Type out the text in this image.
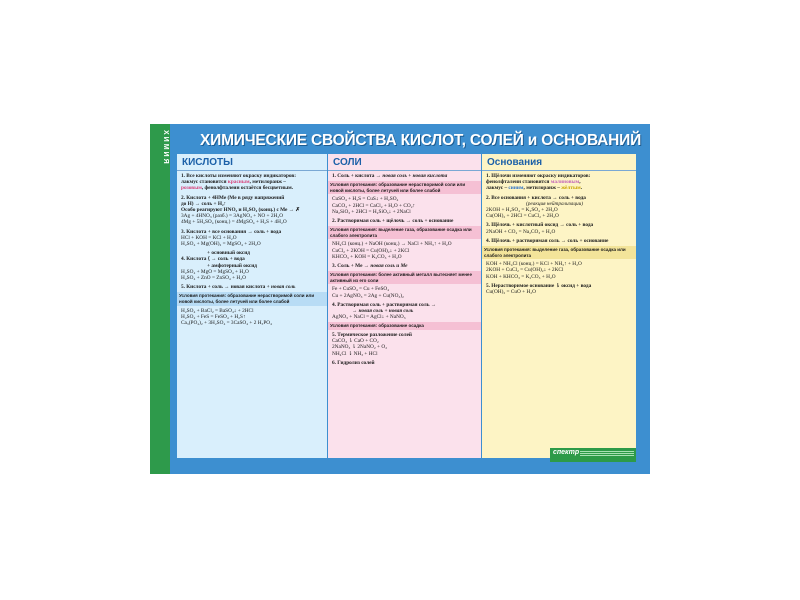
ХИМИЯ ХИМИЧЕСКИЕ СВОЙСТВА КИСЛОТ, СОЛЕЙ и ОСНОВАНИЙ
КИСЛОТЫ
1. Все кислоты изменяют окраску индикаторов:
лакмус становится красным, метилоранж –
розовым, фенолфталеин остаётся бесцветным.
2. Кислота + 4HMe (Ме в ряду напряжений
до H) → соль + H₂↑
Особо реагируют HNO₃ и H₂SO₄ (конц.) с Ме → ✗
3Ag + 4HNO₃ (разб.) = 3AgNO₃ + NO + 2H₂O
4Mg + 5H₂SO₄ (конц.) = 4MgSO₄ + H₂S + 4H₂O
3. Кислота + все основания → соль + вода
HCl + KOH = KCl + H₂O
H₂SO₄ + Mg(OH)₂ = MgSO₄ + 2H₂O
+ основный оксид
4. Кислота ⟨ → соль + вода
+ амфотерный оксид
H₂SO₄ + MgO = MgSO₄ + H₂O
H₂SO₄ + ZnO = ZnSO₄ + H₂O
5. Кислота + соль → новая кислота + новая соль
Условия протекания: образование нерастворимой соли или новой кислоты, более летучей или более слабой
H₂SO₄ + BaCl₂ = BaSO₄↓ + 2HCl
H₂SO₄ + FeS = FeSO₄ + H₂S↑
Ca₃(PO₄)₂ + 3H₂SO₄ = 3CaSO₄ + 2 H₃PO₄
СОЛИ
1. Соль + кислота → новая соль + новая кислота
Условия протекания: образование нерастворимой соли или новой кислоты, более летучей или более слабой
CuSO₄ + H₂S = CuS↓ + H₂SO₄
CaCO₃ + 2HCl = CaCl₂ + H₂O + CO₂↑
Na₂SiO₃ + 2HCl = H₂SiO₃↓ + 2NaCl
2. Растворимая соль + щёлочь → соль + основание
Условия протекания: выделение газа, образование осадка или слабого электролита
NH₄Cl (конц.) + NaOH (конц.) → NaCl + NH₃↑ + H₂O
CuCl₂ + 2KOH = Cu(OH)₂↓ + 2KCl
KHCO₃ + KOH = K₂CO₃ + H₂O
3. Соль + Ме → новая соль и Ме
Условия протекания: более активный металл вытесняет менее активный из его соли
Fe + CuSO₄ = Cu + FeSO₄
Cu + 2AgNO₃ = 2Ag + Cu(NO₃)₂
4. Растворимая соль + растворимая соль →
→ новая соль + новая соль
AgNO₃ + NaCl = AgCl↓ + NaNO₃
Условия протекания: образование осадка
5. Термическое разложение солей
CaCO₃ ⇂ CaO + CO₂
2NaNO₃ ⇂ 2NaNO₂ + O₂
NH₄Cl ⇂ NH₃ + HCl
6. Гидролиз солей
Основания
1. Щёлочи изменяют окраску индикаторов:
фенолфталеин становится малиновым,
лакмус – синим, метилоранж – жёлтым.
2. Все основания + кислота → соль + вода
(реакция нейтрализации)
2KOH + H₂SO₄ = K₂SO₄ + 2H₂O
Cu(OH)₂ + 2HCl = CuCl₂ + 2H₂O
3. Щёлочь + кислотный оксид → соль + вода
2NaOH + CO₂ = Na₂CO₃ + H₂O
4. Щёлочь + растворимая соль → соль + основание
Условия протекания: выделение газа, образование осадка или слабого электролита
KOH + NH₄Cl (конц.) = KCl + NH₃↑ + H₂O
2KOH + CuCl₂ = Cu(OH)₂↓ + 2KCl
KOH + KHCO₃ = K₂CO₃ + H₂O
5. Нерастворимое основание ⇂ оксид + вода
Cu(OH)₂ = CuO + H₂O
спектр
